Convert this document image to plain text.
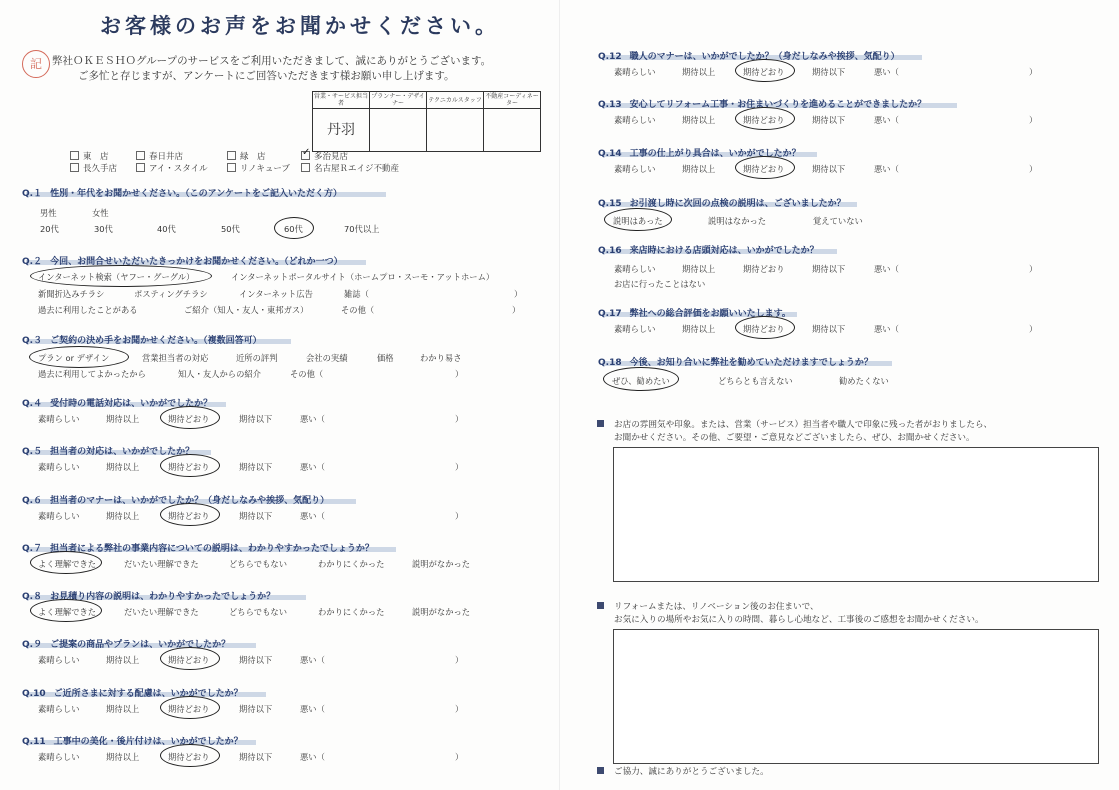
お客様のお声をお聞かせください。
記 弊社ＯＫＥＳＨＯグループのサービスをご利用いただきまして、誠にありがとうございます。
ご多忙と存じますが、アンケートにご回答いただきます様お願い申し上げます。
営業・サービス担当者	プランナー・デザイナー	テクニカルスタッフ	不動産コーディネーター
丹羽			
東　店	春日井店	緑　店 ✓	多治見店
長久手店	アイ・スタイル	リノキューブ	名古屋Ｒエイジ不動産
Q.１ 性別・年代をお聞かせください。（このアンケートをご記入いただく方）
男性	女性
20代	30代	40代	50代	60代	70代以上
Q.２ 今回、お問合せいただいたきっかけをお聞かせください。（どれか一つ）
インターネット検索（ヤフー・グーグル）	インターネットポータルサイト（ホームプロ・スーモ・アットホーム）
新聞折込みチラシ	ポスティングチラシ	インターネット広告	雑誌（	）
過去に利用したことがある	ご紹介（知人・友人・東邦ガス）	その他（	）
Q.３ ご契約の決め手をお聞かせください。（複数回答可）
プラン or デザイン	営業担当者の対応	近所の評判	会社の実績	価格	わかり易さ
過去に利用してよかったから	知人・友人からの紹介	その他（	）
Q.４ 受付時の電話対応は、いかがでしたか？
素晴らしい	期待以上	期待どおり	期待以下	悪い（	）
Q.５ 担当者の対応は、いかがでしたか？
素晴らしい	期待以上	期待どおり	期待以下	悪い（	）
Q.６ 担当者のマナーは、いかがでしたか？（身だしなみや挨拶、気配り）
素晴らしい	期待以上	期待どおり	期待以下	悪い（	）
Q.７ 担当者による弊社の事業内容についての説明は、わかりやすかったでしょうか？
よく理解できた	だいたい理解できた	どちらでもない	わかりにくかった	説明がなかった
Q.８ お見積り内容の説明は、わかりやすかったでしょうか？
よく理解できた	だいたい理解できた	どちらでもない	わかりにくかった	説明がなかった
Q.９ ご提案の商品やプランは、いかがでしたか？
素晴らしい	期待以上	期待どおり	期待以下	悪い（	）
Q.10 ご近所さまに対する配慮は、いかがでしたか？
素晴らしい	期待以上	期待どおり	期待以下	悪い（	）
Q.11 工事中の美化・後片付けは、いかがでしたか？
素晴らしい	期待以上	期待どおり	期待以下	悪い（	）
Q.12 職人のマナーは、いかがでしたか？（身だしなみや挨拶、気配り）
素晴らしい	期待以上	期待どおり	期待以下	悪い（	）
Q.13 安心してリフォーム工事・お住まいづくりを進めることができましたか？
素晴らしい	期待以上	期待どおり	期待以下	悪い（	）
Q.14 工事の仕上がり具合は、いかがでしたか？
素晴らしい	期待以上	期待どおり	期待以下	悪い（	）
Q.17 弊社への総合評価をお願いいたします。
素晴らしい	期待以上	期待どおり	期待以下	悪い（	）
Q.15 お引渡し時に次回の点検の説明は、ございましたか？
説明はあった	説明はなかった	覚えていない
Q.16 来店時における店頭対応は、いかがでしたか？
素晴らしい	期待以上	期待どおり	期待以下	悪い（	）
お店に行ったことはない
Q.18 今後、お知り合いに弊社を勧めていただけますでしょうか？
ぜひ、勧めたい	どちらとも言えない	勧めたくない
お店の雰囲気や印象。または、営業（サービス）担当者や職人で印象に残った者がおりましたら、
お聞かせください。その他、ご要望・ご意見などございましたら、ぜひ、お聞かせください。
リフォームまたは、リノベーション後のお住まいで、
お気に入りの場所やお気に入りの時間、暮らし心地など、工事後のご感想をお聞かせください。
ご協力、誠にありがとうございました。
